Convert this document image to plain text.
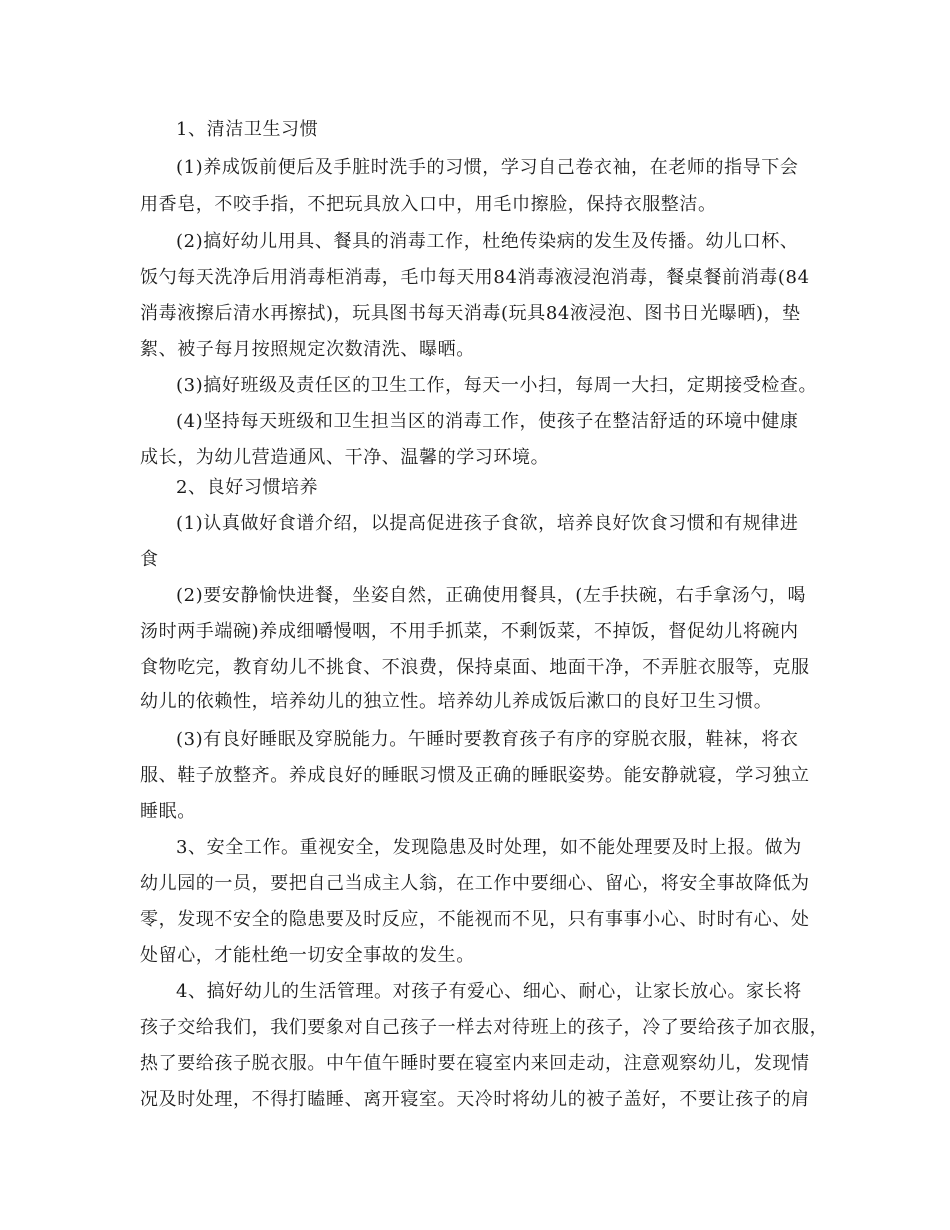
1、清洁卫生习惯
(1)养成饭前便后及手脏时洗手的习惯，学习自己卷衣袖，在老师的指导下会
用香皂，不咬手指，不把玩具放入口中，用毛巾擦脸，保持衣服整洁。
(2)搞好幼儿用具、餐具的消毒工作，杜绝传染病的发生及传播。幼儿口杯、
饭勺每天洗净后用消毒柜消毒，毛巾每天用84消毒液浸泡消毒，餐桌餐前消毒(84
消毒液擦后清水再擦拭)，玩具图书每天消毒(玩具84液浸泡、图书日光曝晒)，垫
絮、被子每月按照规定次数清洗、曝晒。
(3)搞好班级及责任区的卫生工作，每天一小扫，每周一大扫，定期接受检查。
(4)坚持每天班级和卫生担当区的消毒工作，使孩子在整洁舒适的环境中健康
成长，为幼儿营造通风、干净、温馨的学习环境。
2、良好习惯培养
(1)认真做好食谱介绍，以提高促进孩子食欲，培养良好饮食习惯和有规律进
食
(2)要安静愉快进餐，坐姿自然，正确使用餐具，(左手扶碗，右手拿汤勺，喝
汤时两手端碗)养成细嚼慢咽，不用手抓菜，不剩饭菜，不掉饭，督促幼儿将碗内
食物吃完，教育幼儿不挑食、不浪费，保持桌面、地面干净，不弄脏衣服等，克服
幼儿的依赖性，培养幼儿的独立性。培养幼儿养成饭后漱口的良好卫生习惯。
(3)有良好睡眠及穿脱能力。午睡时要教育孩子有序的穿脱衣服，鞋袜，将衣
服、鞋子放整齐。养成良好的睡眠习惯及正确的睡眠姿势。能安静就寝，学习独立
睡眠。
3、安全工作。重视安全，发现隐患及时处理，如不能处理要及时上报。做为
幼儿园的一员，要把自己当成主人翁，在工作中要细心、留心，将安全事故降低为
零，发现不安全的隐患要及时反应，不能视而不见，只有事事小心、时时有心、处
处留心，才能杜绝一切安全事故的发生。
4、搞好幼儿的生活管理。对孩子有爱心、细心、耐心，让家长放心。家长将
孩子交给我们，我们要象对自己孩子一样去对待班上的孩子，冷了要给孩子加衣服，
热了要给孩子脱衣服。中午值午睡时要在寝室内来回走动，注意观察幼儿，发现情
况及时处理，不得打瞌睡、离开寝室。天冷时将幼儿的被子盖好，不要让孩子的肩
